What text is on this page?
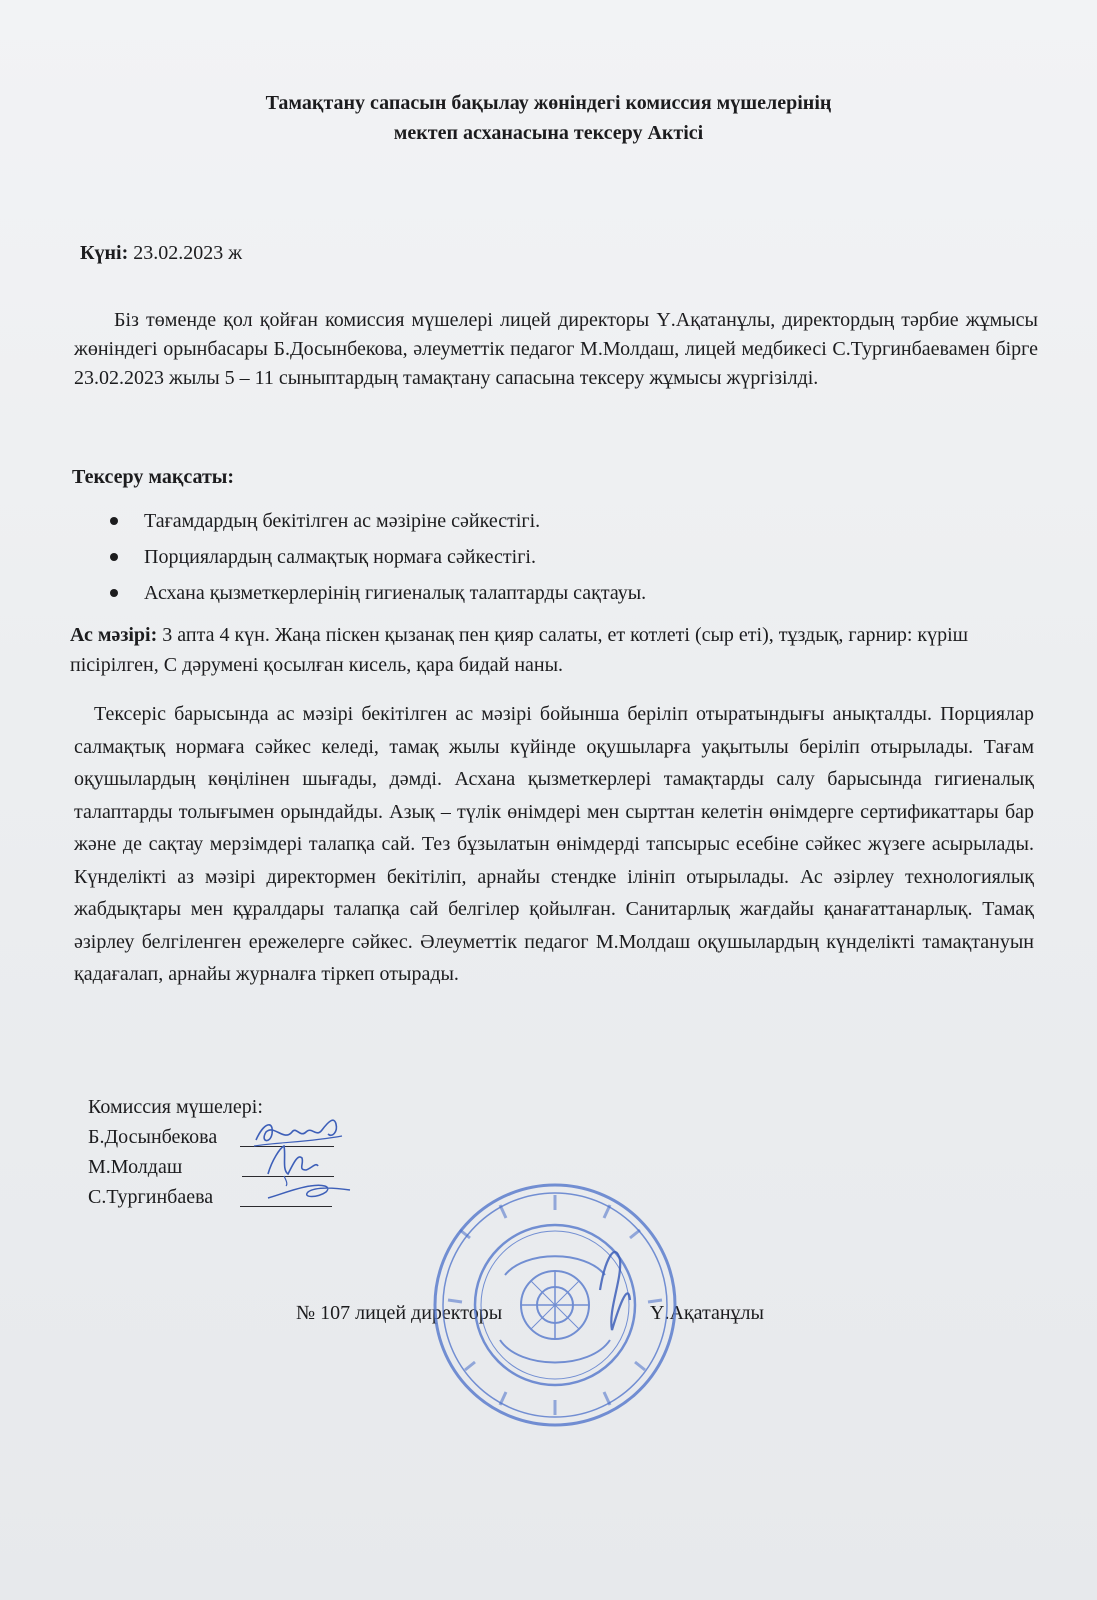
Тамақтану сапасын бақылау жөніндегі комиссия мүшелерінің
мектеп асханасына тексеру Актісі
Күні: 23.02.2023 ж
Біз төменде қол қойған комиссия мүшелері лицей директоры Ү.Ақатанұлы, директордың тәрбие жұмысы жөніндегі орынбасары Б.Досынбекова, әлеуметтік педагог М.Молдаш, лицей медбикесі С.Тургинбаевамен бірге 23.02.2023 жылы 5 – 11 сыныптардың тамақтану сапасына тексеру жұмысы жүргізілді.
Тексеру мақсаты:
Тағамдардың бекітілген ас мәзіріне сәйкестігі.
Порциялардың салмақтық нормаға сәйкестігі.
Асхана қызметкерлерінің гигиеналық талаптарды сақтауы.
Ас мәзірі: 3 апта 4 күн. Жаңа піскен қызанақ пен қияр салаты, ет котлеті (сыр еті), тұздық, гарнир: күріш пісірілген, С дәрумені қосылған кисель, қара бидай наны.
Тексеріс барысында ас мәзірі бекітілген ас мәзірі бойынша беріліп отыратындығы анықталды. Порциялар салмақтық нормаға сәйкес келеді, тамақ жылы күйінде оқушыларға уақытылы беріліп отырылады. Тағам оқушылардың көңілінен шығады, дәмді. Асхана қызметкерлері тамақтарды салу барысында гигиеналық талаптарды толығымен орындайды. Азық – түлік өнімдері мен сырттан келетін өнімдерге сертификаттары бар және де сақтау мерзімдері талапқа сай. Тез бұзылатын өнімдерді тапсырыс есебіне сәйкес жүзеге асырылады. Күнделікті аз мәзірі директормен бекітіліп, арнайы стендке ілініп отырылады. Ас әзірлеу технологиялық жабдықтары мен құралдары талапқа сай белгілер қойылған. Санитарлық жағдайы қанағаттанарлық. Тамақ әзірлеу белгіленген ережелерге сәйкес. Әлеуметтік педагог М.Молдаш оқушылардың күнделікті тамақтануын қадағалап, арнайы журналға тіркеп отырады.
Комиссия мүшелері:
Б.Досынбекова
М.Молдаш
С.Тургинбаева
№ 107 лицей директоры	Ү.Ақатанұлы
